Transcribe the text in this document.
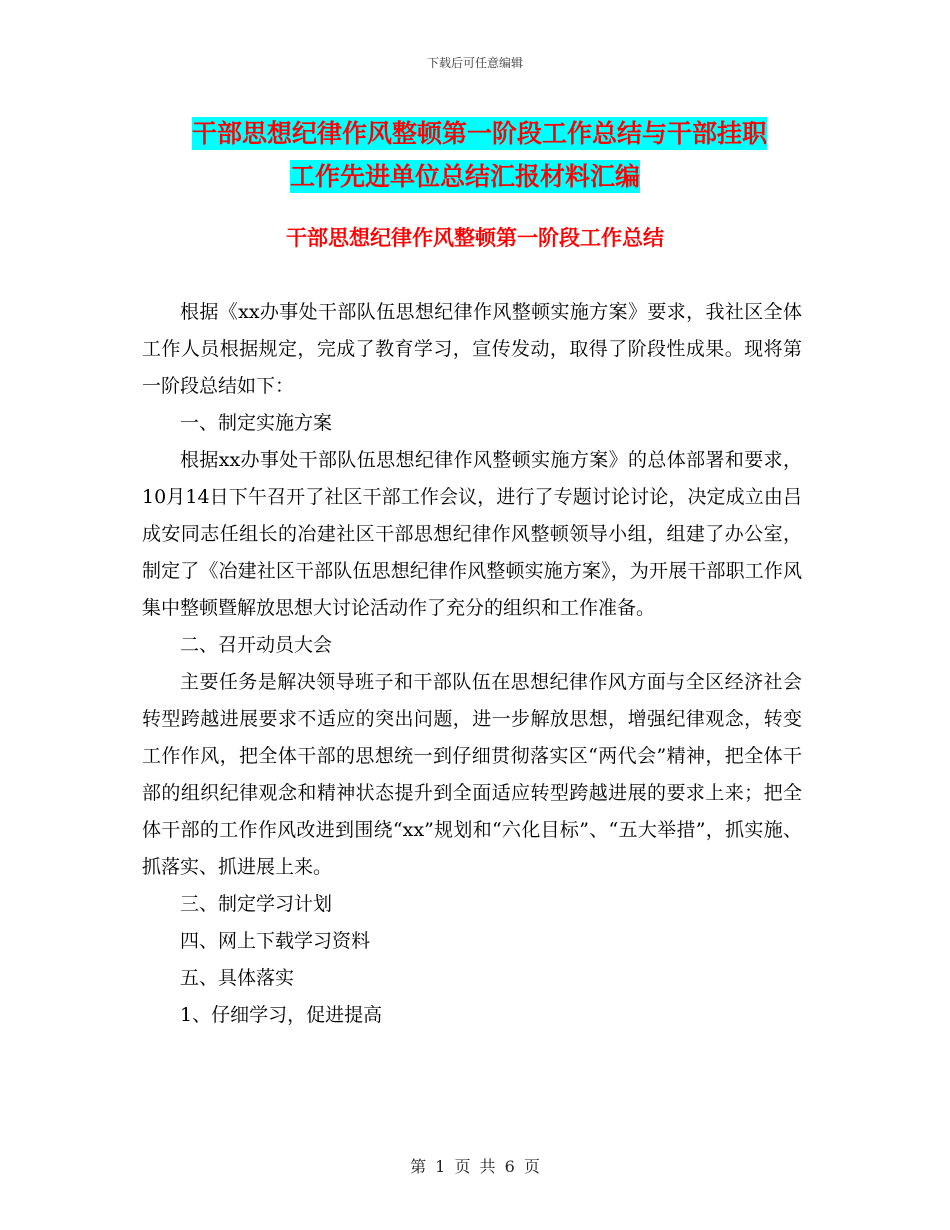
下载后可任意编辑
干部思想纪律作风整顿第一阶段工作总结与干部挂职
工作先进单位总结汇报材料汇编
干部思想纪律作风整顿第一阶段工作总结

根据《xx办事处干部队伍思想纪律作风整顿实施方案》要求，我社区全体工作人员根据规定，完成了教育学习，宣传发动，取得了阶段性成果。现将第一阶段总结如下：

一、制定实施方案

根据xx办事处干部队伍思想纪律作风整顿实施方案》的总体部署和要求，10月14日下午召开了社区干部工作会议，进行了专题讨论讨论，决定成立由吕成安同志任组长的冶建社区干部思想纪律作风整顿领导小组，组建了办公室，制定了《冶建社区干部队伍思想纪律作风整顿实施方案》，为开展干部职工作风集中整顿暨解放思想大讨论活动作了充分的组织和工作准备。

二、召开动员大会

主要任务是解决领导班子和干部队伍在思想纪律作风方面与全区经济社会转型跨越进展要求不适应的突出问题，进一步解放思想，增强纪律观念，转变工作作风，把全体干部的思想统一到仔细贯彻落实区“两代会”精神，把全体干部的组织纪律观念和精神状态提升到全面适应转型跨越进展的要求上来；把全体干部的工作作风改进到围绕“xx”规划和“六化目标”、“五大举措”，抓实施、抓落实、抓进展上来。

三、制定学习计划

四、网上下载学习资料

五、具体落实

1、仔细学习，促进提高

第 1 页 共 6 页
